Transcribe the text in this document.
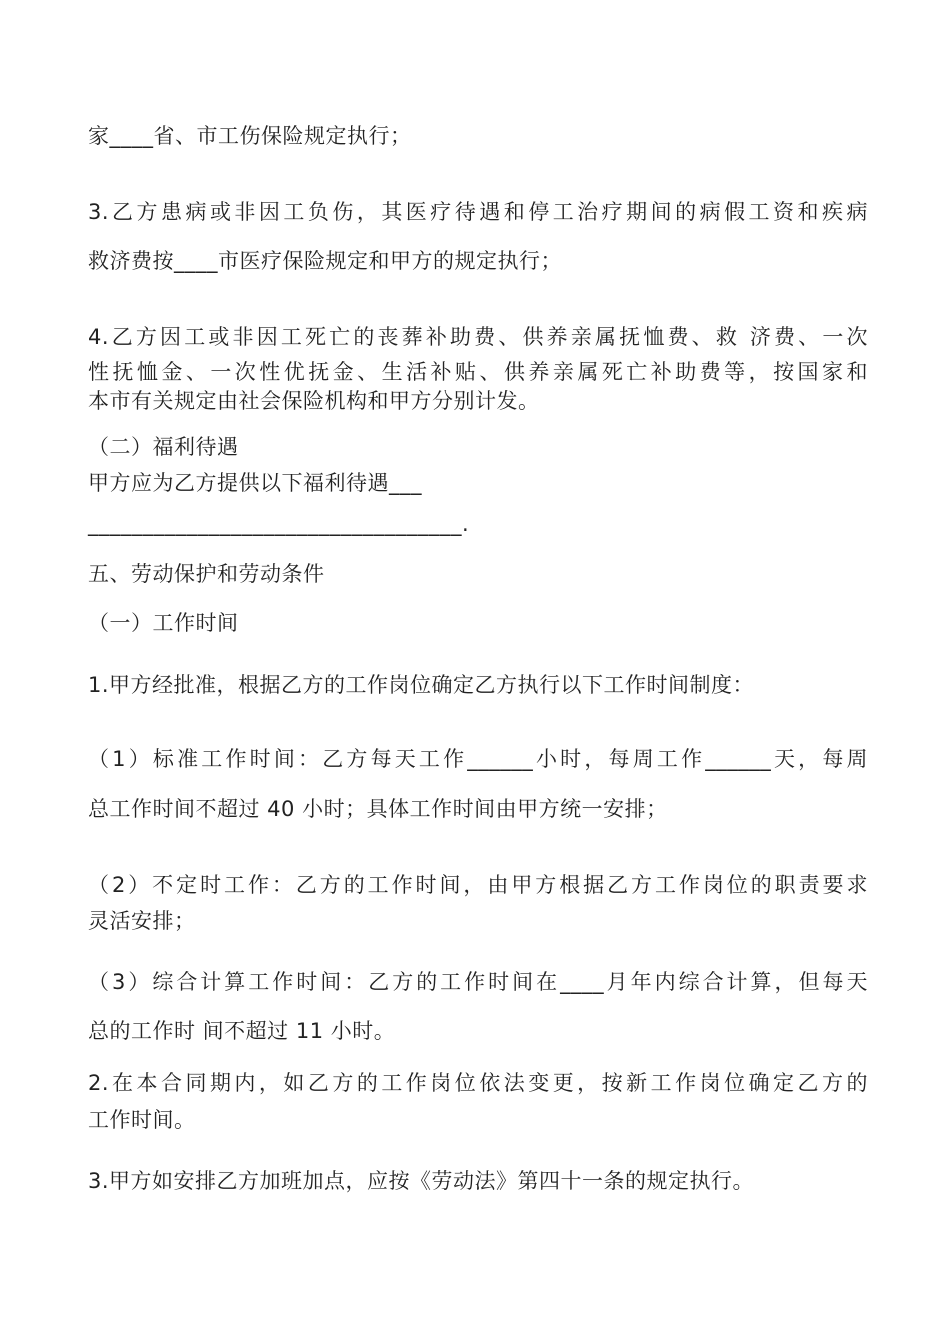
家____省、市工伤保险规定执行；
3.乙方患病或非因工负伤，其医疗待遇和停工治疗期间的病假工资和疾病
救济费按____市医疗保险规定和甲方的规定执行；
4.乙方因工或非因工死亡的丧葬补助费、供养亲属抚恤费、救 济费、一次
性抚恤金、一次性优抚金、生活补贴、供养亲属死亡补助费等，按国家和
本市有关规定由社会保险机构和甲方分别计发。
（二）福利待遇
甲方应为乙方提供以下福利待遇___
__________________________________.
五、劳动保护和劳动条件
（一）工作时间
1.甲方经批准，根据乙方的工作岗位确定乙方执行以下工作时间制度：
（1）标准工作时间：乙方每天工作______小时，每周工作______天，每周
总工作时间不超过 40 小时；具体工作时间由甲方统一安排；
（2）不定时工作：乙方的工作时间，由甲方根据乙方工作岗位的职责要求
灵活安排；
（3）综合计算工作时间：乙方的工作时间在____月年内综合计算，但每天
总的工作时 间不超过 11 小时。
2.在本合同期内，如乙方的工作岗位依法变更，按新工作岗位确定乙方的
工作时间。
3.甲方如安排乙方加班加点，应按《劳动法》第四十一条的规定执行。
